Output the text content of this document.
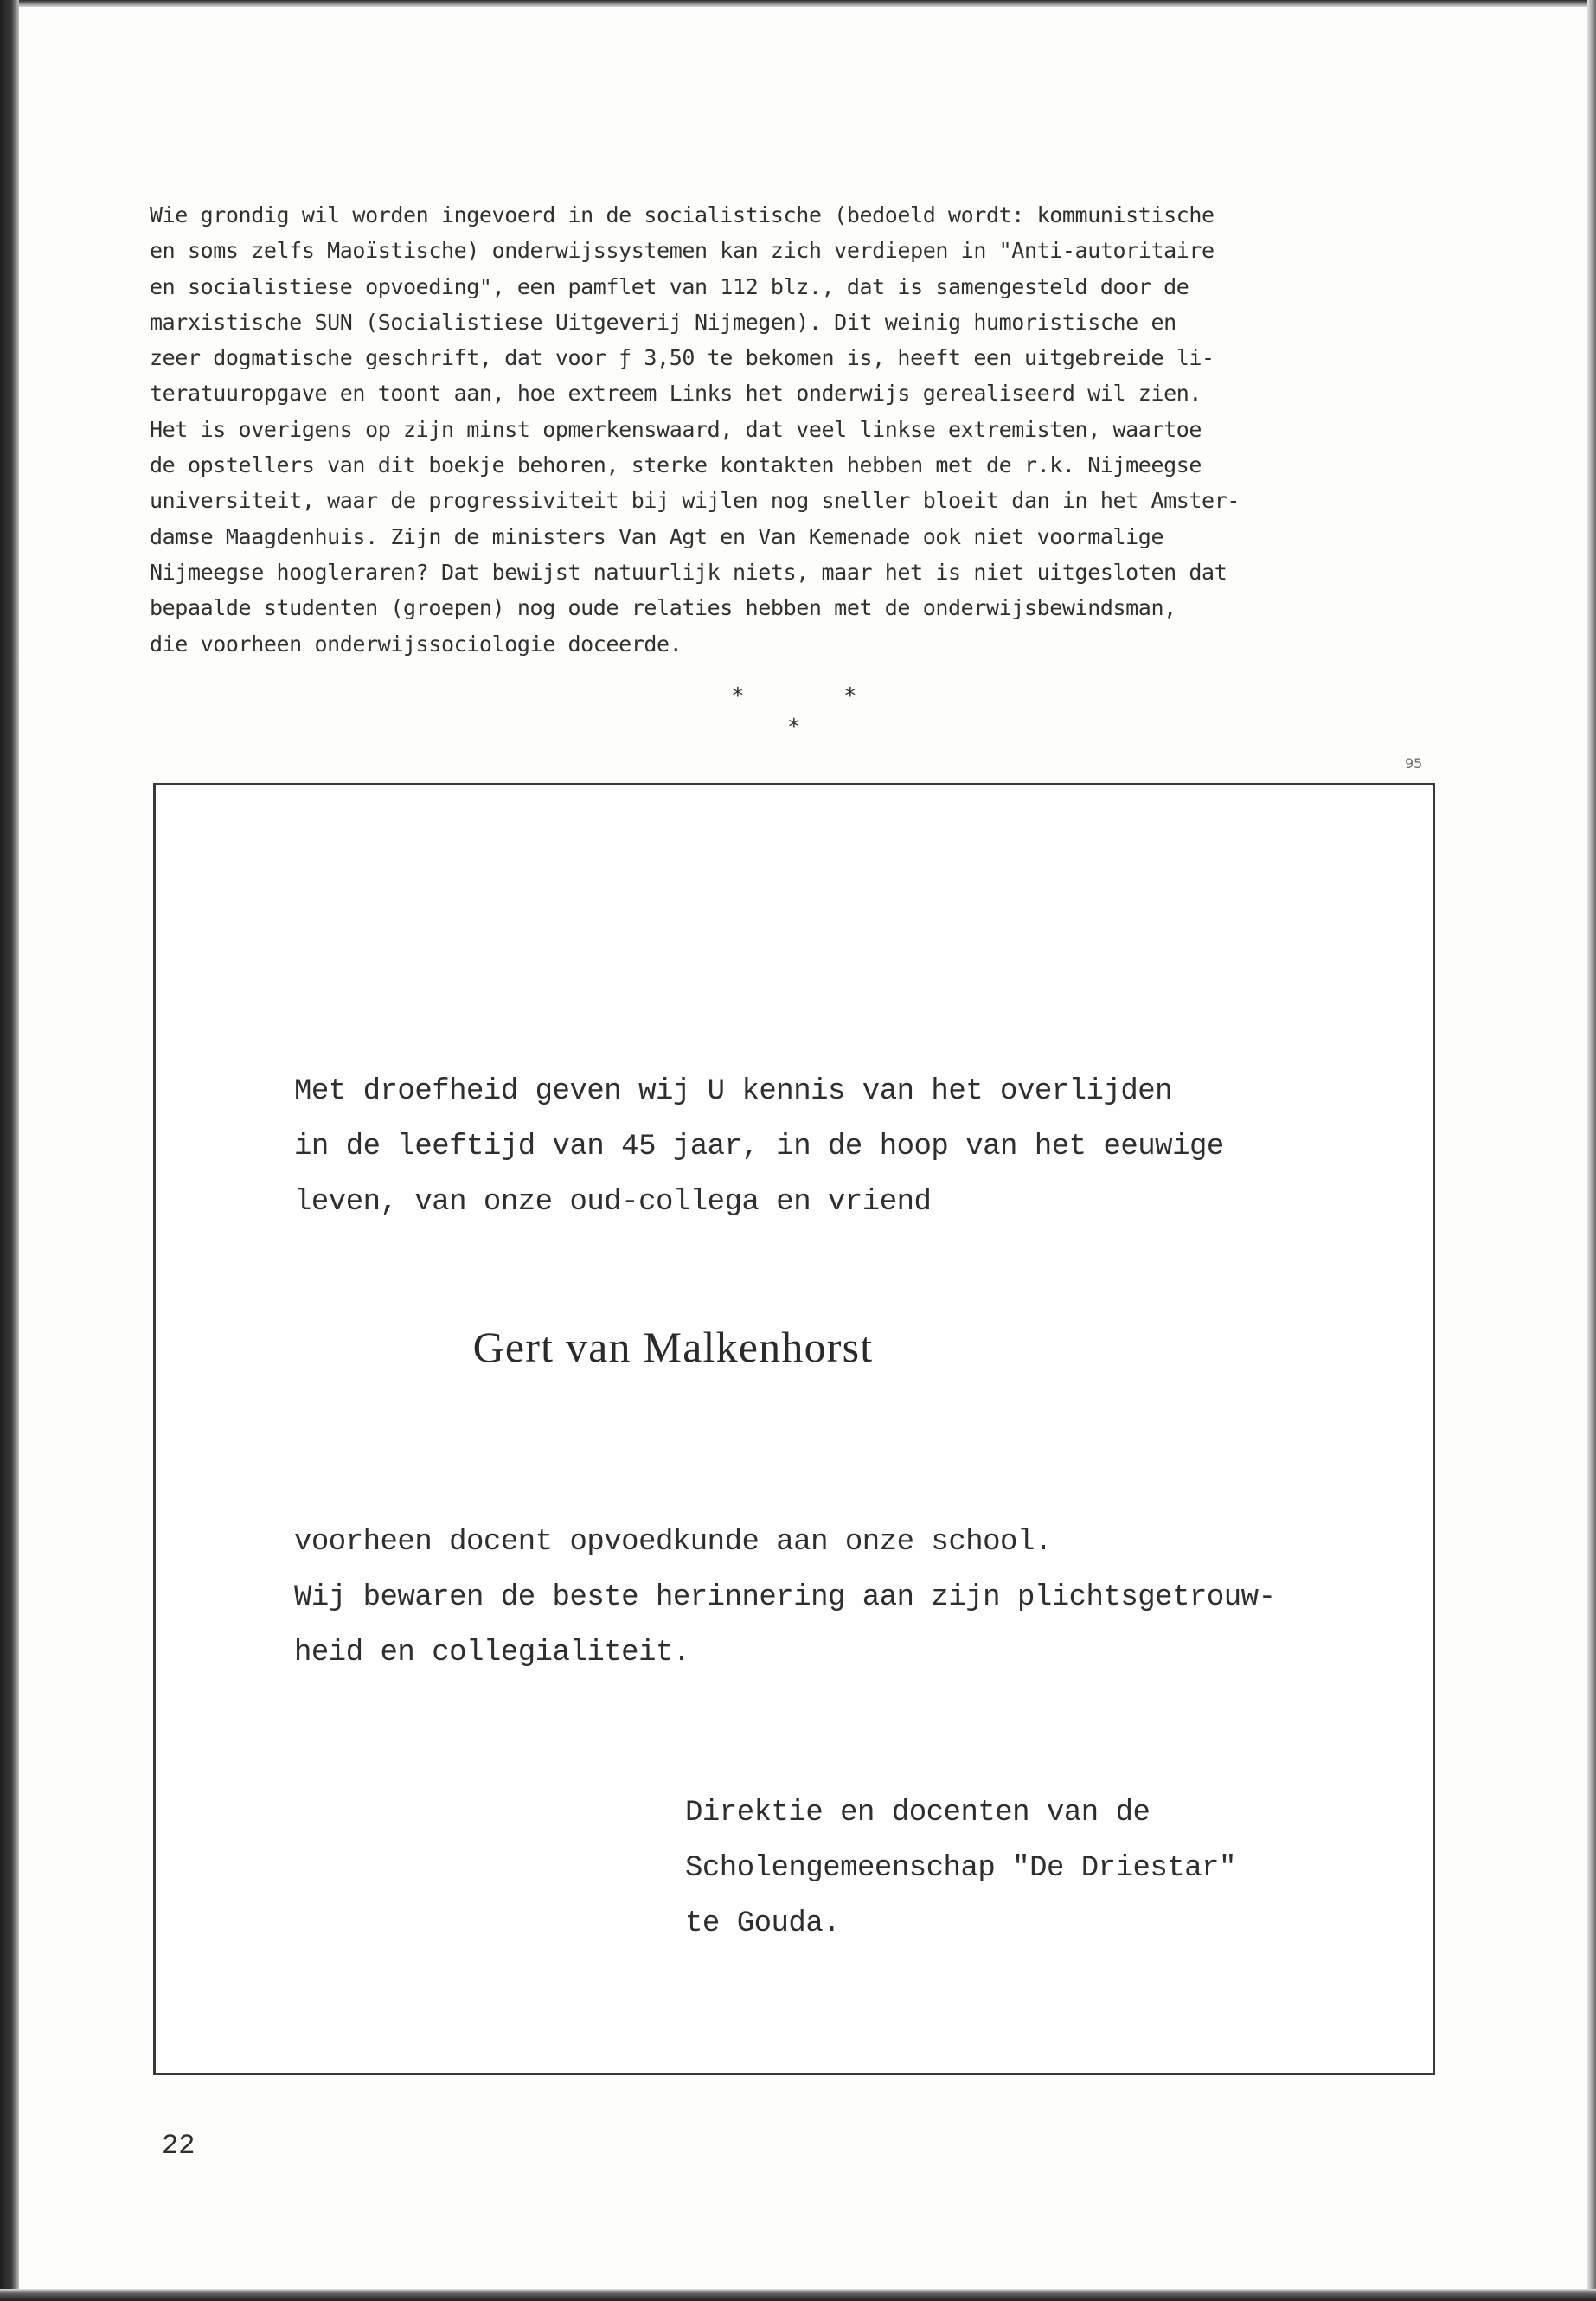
Wie grondig wil worden ingevoerd in de socialistische (bedoeld wordt: kommunistische
en soms zelfs Maoïstische) onderwijssystemen kan zich verdiepen in "Anti-autoritaire
en socialistiese opvoeding", een pamflet van 112 blz., dat is samengesteld door de
marxistische SUN (Socialistiese Uitgeverij Nijmegen). Dit weinig humoristische en
zeer dogmatische geschrift, dat voor ƒ 3,50 te bekomen is, heeft een uitgebreide li-
teratuuropgave en toont aan, hoe extreem Links het onderwijs gerealiseerd wil zien.
Het is overigens op zijn minst opmerkenswaard, dat veel linkse extremisten, waartoe
de opstellers van dit boekje behoren, sterke kontakten hebben met de r.k. Nijmeegse
universiteit, waar de progressiviteit bij wijlen nog sneller bloeit dan in het Amster-
damse Maagdenhuis. Zijn de ministers Van Agt en Van Kemenade ook niet voormalige
Nijmeegse hoogleraren? Dat bewijst natuurlijk niets, maar het is niet uitgesloten dat
bepaalde studenten (groepen) nog oude relaties hebben met de onderwijsbewindsman,
die voorheen onderwijssociologie doceerde.

*	*
*
95

Met droefheid geven wij U kennis van het overlijden
in de leeftijd van 45 jaar, in de hoop van het eeuwige
leven, van onze oud-collega en vriend

Gert van Malkenhorst

voorheen docent opvoedkunde aan onze school.
Wij bewaren de beste herinnering aan zijn plichtsgetrouw-
heid en collegialiteit.

Direktie en docenten van de
Scholengemeenschap "De Driestar"
te Gouda.

22
